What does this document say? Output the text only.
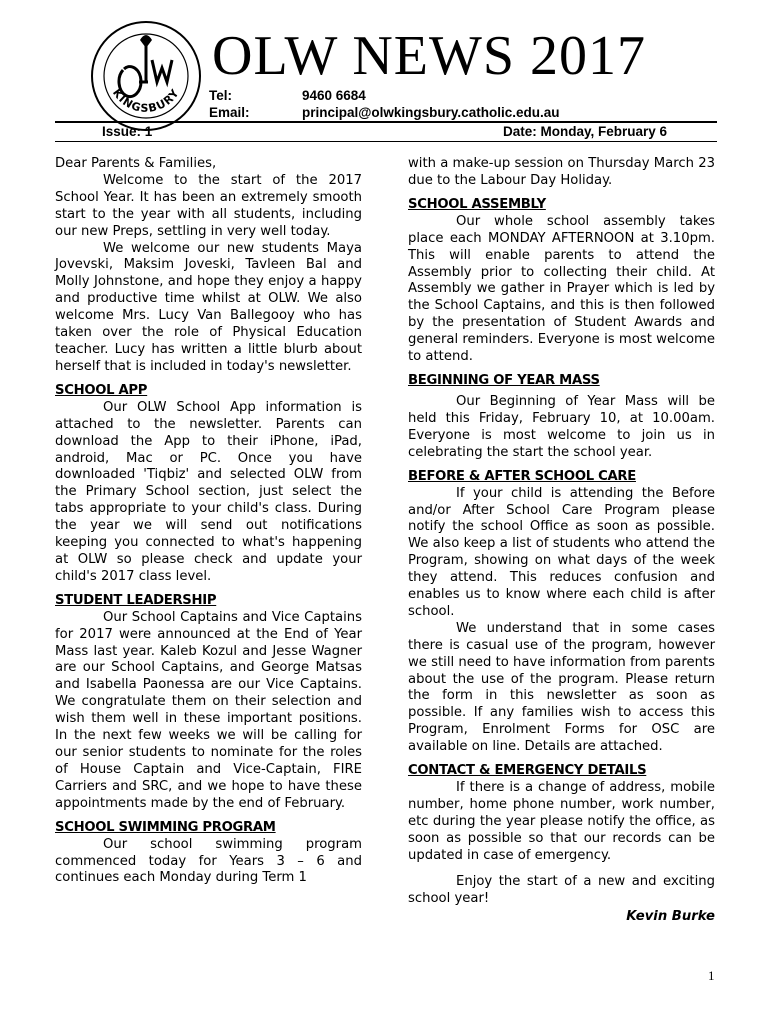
KINGSBURY
OLW NEWS 2017
Tel:	9460 6684
Email:	principal@olwkingsbury.catholic.edu.au
Issue: 1	Date: Monday, February 6

Dear Parents & Families,

Welcome to the start of the 2017 School Year. It has been an extremely smooth start to the year with all students, including our new Preps, settling in very well today.

We welcome our new students Maya Jovevski, Maksim Joveski, Tavleen Bal and Molly Johnstone, and hope they enjoy a happy and productive time whilst at OLW. We also welcome Mrs. Lucy Van Ballegooy who has taken over the role of Physical Education teacher. Lucy has written a little blurb about herself that is included in today's newsletter.

SCHOOL APP

Our OLW School App information is attached to the newsletter. Parents can download the App to their iPhone, iPad, android, Mac or PC. Once you have downloaded 'Tiqbiz' and selected OLW from the Primary School section, just select the tabs appropriate to your child's class. During the year we will send out notifications keeping you connected to what's happening at OLW so please check and update your child's 2017 class level.

STUDENT LEADERSHIP

Our School Captains and Vice Captains for 2017 were announced at the End of Year Mass last year. Kaleb Kozul and Jesse Wagner are our School Captains, and George Matsas and Isabella Paonessa are our Vice Captains. We congratulate them on their selection and wish them well in these important positions. In the next few weeks we will be calling for our senior students to nominate for the roles of House Captain and Vice-Captain, FIRE Carriers and SRC, and we hope to have these appointments made by the end of February.

SCHOOL SWIMMING PROGRAM

Our school swimming program commenced today for Years 3 – 6 and continues each Monday during Term 1

with a make-up session on Thursday March 23 due to the Labour Day Holiday.

SCHOOL ASSEMBLY

Our whole school assembly takes place each MONDAY AFTERNOON at 3.10pm. This will enable parents to attend the Assembly prior to collecting their child. At Assembly we gather in Prayer which is led by the School Captains, and this is then followed by the presentation of Student Awards and general reminders. Everyone is most welcome to attend.

BEGINNING OF YEAR MASS

Our Beginning of Year Mass will be held this Friday, February 10, at 10.00am. Everyone is most welcome to join us in celebrating the start the school year.

BEFORE & AFTER SCHOOL CARE

If your child is attending the Before and/or After School Care Program please notify the school Office as soon as possible. We also keep a list of students who attend the Program, showing on what days of the week they attend. This reduces confusion and enables us to know where each child is after school.

We understand that in some cases there is casual use of the program, however we still need to have information from parents about the use of the program. Please return the form in this newsletter as soon as possible. If any families wish to access this Program, Enrolment Forms for OSC are available on line. Details are attached.

CONTACT & EMERGENCY DETAILS

If there is a change of address, mobile number, home phone number, work number, etc during the year please notify the office, as soon as possible so that our records can be updated in case of emergency.

Enjoy the start of a new and exciting school year!

Kevin Burke
1
